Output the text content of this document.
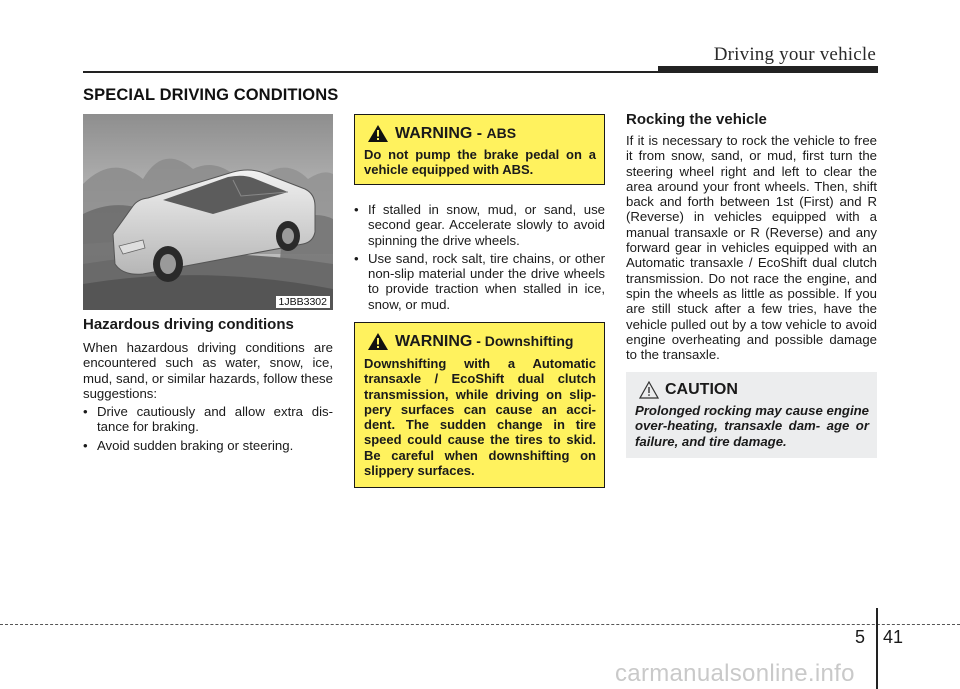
Driving your vehicle
SPECIAL DRIVING CONDITIONS
1JBB3302

Hazardous driving conditions

When hazardous driving conditions are encountered such as water, snow, ice, mud, sand, or similar hazards, follow these suggestions:

• Drive cautiously and allow extra dis- tance for braking.

• Avoid sudden braking or steering.

WARNING - ABS
Do not pump the brake pedal on a vehicle equipped with ABS.

• If stalled in snow, mud, or sand, use second gear. Accelerate slowly to avoid spinning the drive wheels.

• Use sand, rock salt, tire chains, or other non-slip material under the drive wheels to provide traction when stalled in ice, snow, or mud.

WARNING - Downshifting
Downshifting with a Automatic transaxle / EcoShift dual clutch transmission, while driving on slip- pery surfaces can cause an acci- dent. The sudden change in tire speed could cause the tires to skid. Be careful when downshifting on slippery surfaces.

Rocking the vehicle

If it is necessary to rock the vehicle to free it from snow, sand, or mud, first turn the steering wheel right and left to clear the area around your front wheels. Then, shift back and forth between 1st (First) and R (Reverse) in vehicles equipped with a manual transaxle or R (Reverse) and any forward gear in vehicles equipped with an Automatic transaxle / EcoShift dual clutch transmission. Do not race the engine, and spin the wheels as little as possible. If you are still stuck after a few tries, have the vehicle pulled out by a tow vehicle to avoid engine overheating and possible damage to the transaxle.

CAUTION
Prolonged rocking may cause engine over-heating, transaxle dam- age or failure, and tire damage.
5 41
carmanualsonline.info
